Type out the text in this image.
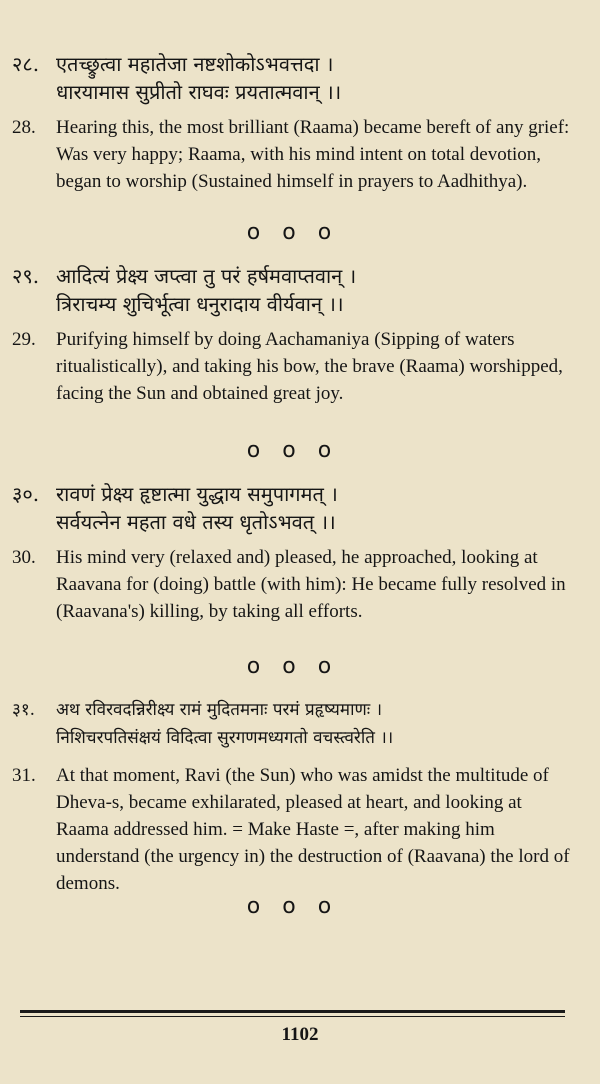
२८. एतच्छ्रुत्वा महातेजा नष्टशोकोऽभवत्तदा ।
धारयामास सुप्रीतो राघवः प्रयतात्मवान् ।।
28.	Hearing this, the most brilliant (Raama) became bereft of any grief: Was very happy; Raama, with his mind intent on total devotion, began to worship (Sustained himself in prayers to Aadhithya).
ooo
२९. आदित्यं प्रेक्ष्य जप्त्वा तु परं हर्षमवाप्तवान् ।
त्रिराचम्य शुचिर्भूत्वा धनुरादाय वीर्यवान् ।।
29.	Purifying himself by doing Aachamaniya (Sipping of waters ritualistically), and taking his bow, the brave (Raama) worshipped, facing the Sun and obtained great joy.
ooo
३०. रावणं प्रेक्ष्य हृष्टात्मा युद्धाय समुपागमत् ।
सर्वयत्नेन महता वधे तस्य धृतोऽभवत् ।।
30.	His mind very (relaxed and) pleased, he approached, looking at Raavana for (doing) battle (with him): He became fully resolved in (Raavana's) killing, by taking all efforts.
ooo
३१.	अथ रविरवदन्निरीक्ष्य रामं मुदितमनाः परमं प्रहृष्यमाणः ।
निशिचरपतिसंक्षयं विदित्वा सुरगणमध्यगतो वचस्त्वरेति ।।
31.	At that moment, Ravi (the Sun) who was amidst the multitude of Dheva-s, became exhilarated, pleased at heart, and looking at Raama addressed him. = Make Haste =, after making him understand (the urgency in) the destruction of (Raavana) the lord of demons.
ooo
1102
